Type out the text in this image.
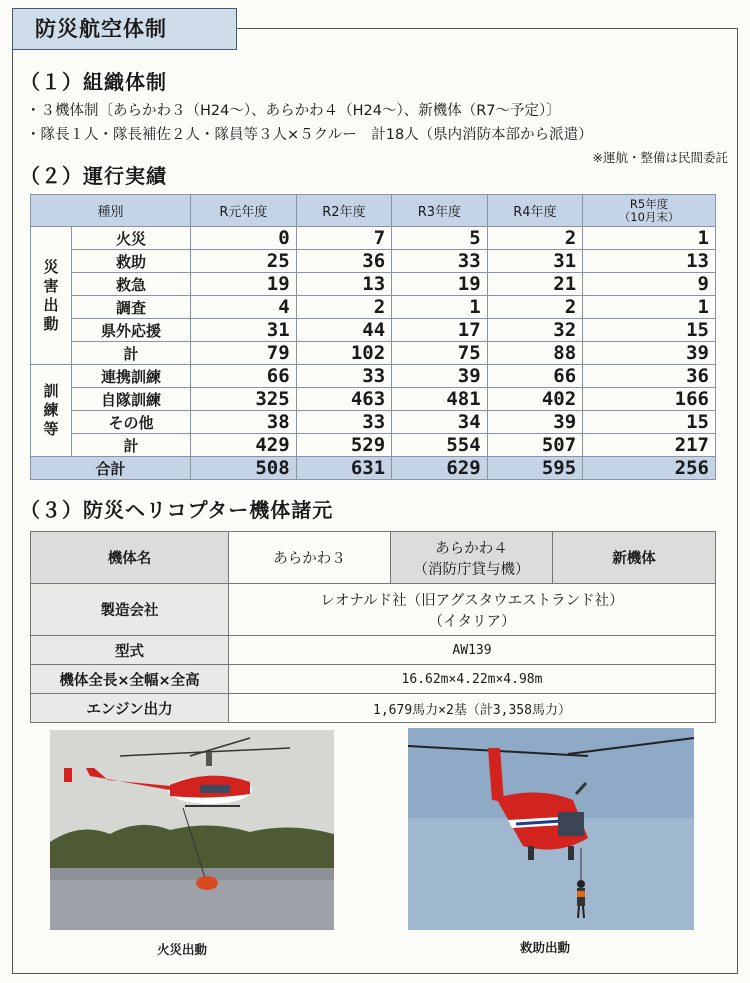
防災航空体制
（１）組織体制
・３機体制〔あらかわ３（H24～）、あらかわ４（H24～）、新機体（R7～予定）〕
・隊長１人・隊長補佐２人・隊員等３人×５クルー　計18人（県内消防本部から派遣）
※運航・整備は民間委託
（２）運行実績
種別		R元年度	R2年度	R3年度	R4年度	R5年度
（10月末）

災
害
出
動	火災	0	7	5	2	1
	救助	25	36	33	31	13
	救急	19	13	19	21	9
	調査	4	2	1	2	1
	県外応援	31	44	17	32	15
	計	79	102	75	88	39
訓
練
等	連携訓練	66	33	39	66	36
	自隊訓練	325	463	481	402	166
	その他	38	33	34	39	15
	計	429	529	554	507	217
合計		508	631	629	595	256
（３）防災ヘリコプター機体諸元
機体名	あらかわ３	あらかわ４
（消防庁貸与機）	新機体
製造会社	レオナルド社（旧アグスタウエストランド社）
（イタリア）		

型式	AW139		
機体全長×全幅×全高	16.62m×4.22m×4.98m		
エンジン出力	1,679馬力×2基（計3,358馬力）		
火災出動	救助出動
